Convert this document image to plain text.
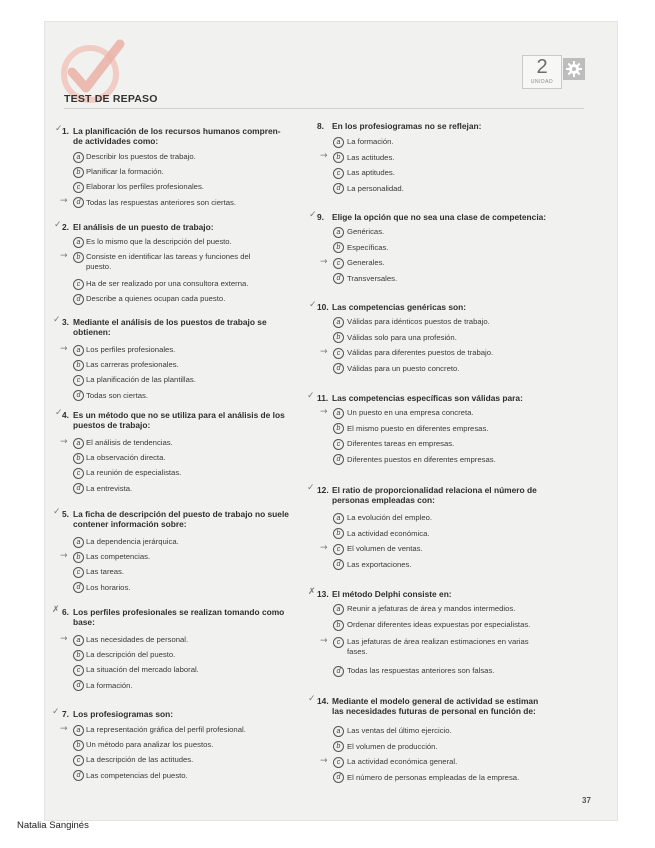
2
UNIDAD
TEST DE REPASO
1. La planificación de los recursos humanos compren-
de actividades como:
✓
a Describir los puestos de trabajo.
b Planificar la formación.
c Elaborar los perfiles profesionales.
d Todas las respuestas anteriores son ciertas.
→
2. El análisis de un puesto de trabajo:
✓
a Es lo mismo que la descripción del puesto.
b Consiste en identificar las tareas y funciones del
puesto.
→
c Ha de ser realizado por una consultora externa.
d Describe a quienes ocupan cada puesto.
3. Mediante el análisis de los puestos de trabajo se
obtienen:
✓
a Los perfiles profesionales.
→
b Las carreras profesionales.
c La planificación de las plantillas.
d Todas son ciertas.
4. Es un método que no se utiliza para el análisis de los
puestos de trabajo:
✓
a El análisis de tendencias.
→
b La observación directa.
c La reunión de especialistas.
d La entrevista.
5. La ficha de descripción del puesto de trabajo no suele
contener información sobre:
✓
a La dependencia jerárquica.
b Las competencias.
→
c Las tareas.
d Los horarios.
6. Los perfiles profesionales se realizan tomando como
base:
✗
a Las necesidades de personal.
→
b La descripción del puesto.
c La situación del mercado laboral.
d La formación.
7. Los profesiogramas son:
✓
a La representación gráfica del perfil profesional.
→
b Un método para analizar los puestos.
c La descripción de las actitudes.
d Las competencias del puesto.
8. En los profesiogramas no se reflejan:
a La formación.
b Las actitudes.
→
c Las aptitudes.
d La personalidad.
9. Elige la opción que no sea una clase de competencia:
✓
a Genéricas.
b Específicas.
c Generales.
→
d Transversales.
10. Las competencias genéricas son:
✓
a Válidas para idénticos puestos de trabajo.
b Válidas solo para una profesión.
c Válidas para diferentes puestos de trabajo.
→
d Válidas para un puesto concreto.
11. Las competencias específicas son válidas para:
✓
a Un puesto en una empresa concreta.
→
b El mismo puesto en diferentes empresas.
c Diferentes tareas en empresas.
d Diferentes puestos en diferentes empresas.
12. El ratio de proporcionalidad relaciona el número de
personas empleadas con:
✓
a La evolución del empleo.
b La actividad económica.
c El volumen de ventas.
→
d Las exportaciones.
13. El método Delphi consiste en:
✗
a Reunir a jefaturas de área y mandos intermedios.
b Ordenar diferentes ideas expuestas por especialistas.
c Las jefaturas de área realizan estimaciones en varias
fases.
→
d Todas las respuestas anteriores son falsas.
14. Mediante el modelo general de actividad se estiman
las necesidades futuras de personal en función de:
✓
a Las ventas del último ejercicio.
b El volumen de producción.
c La actividad económica general.
→
d El número de personas empleadas de la empresa.
37
Natalia Sanginés
